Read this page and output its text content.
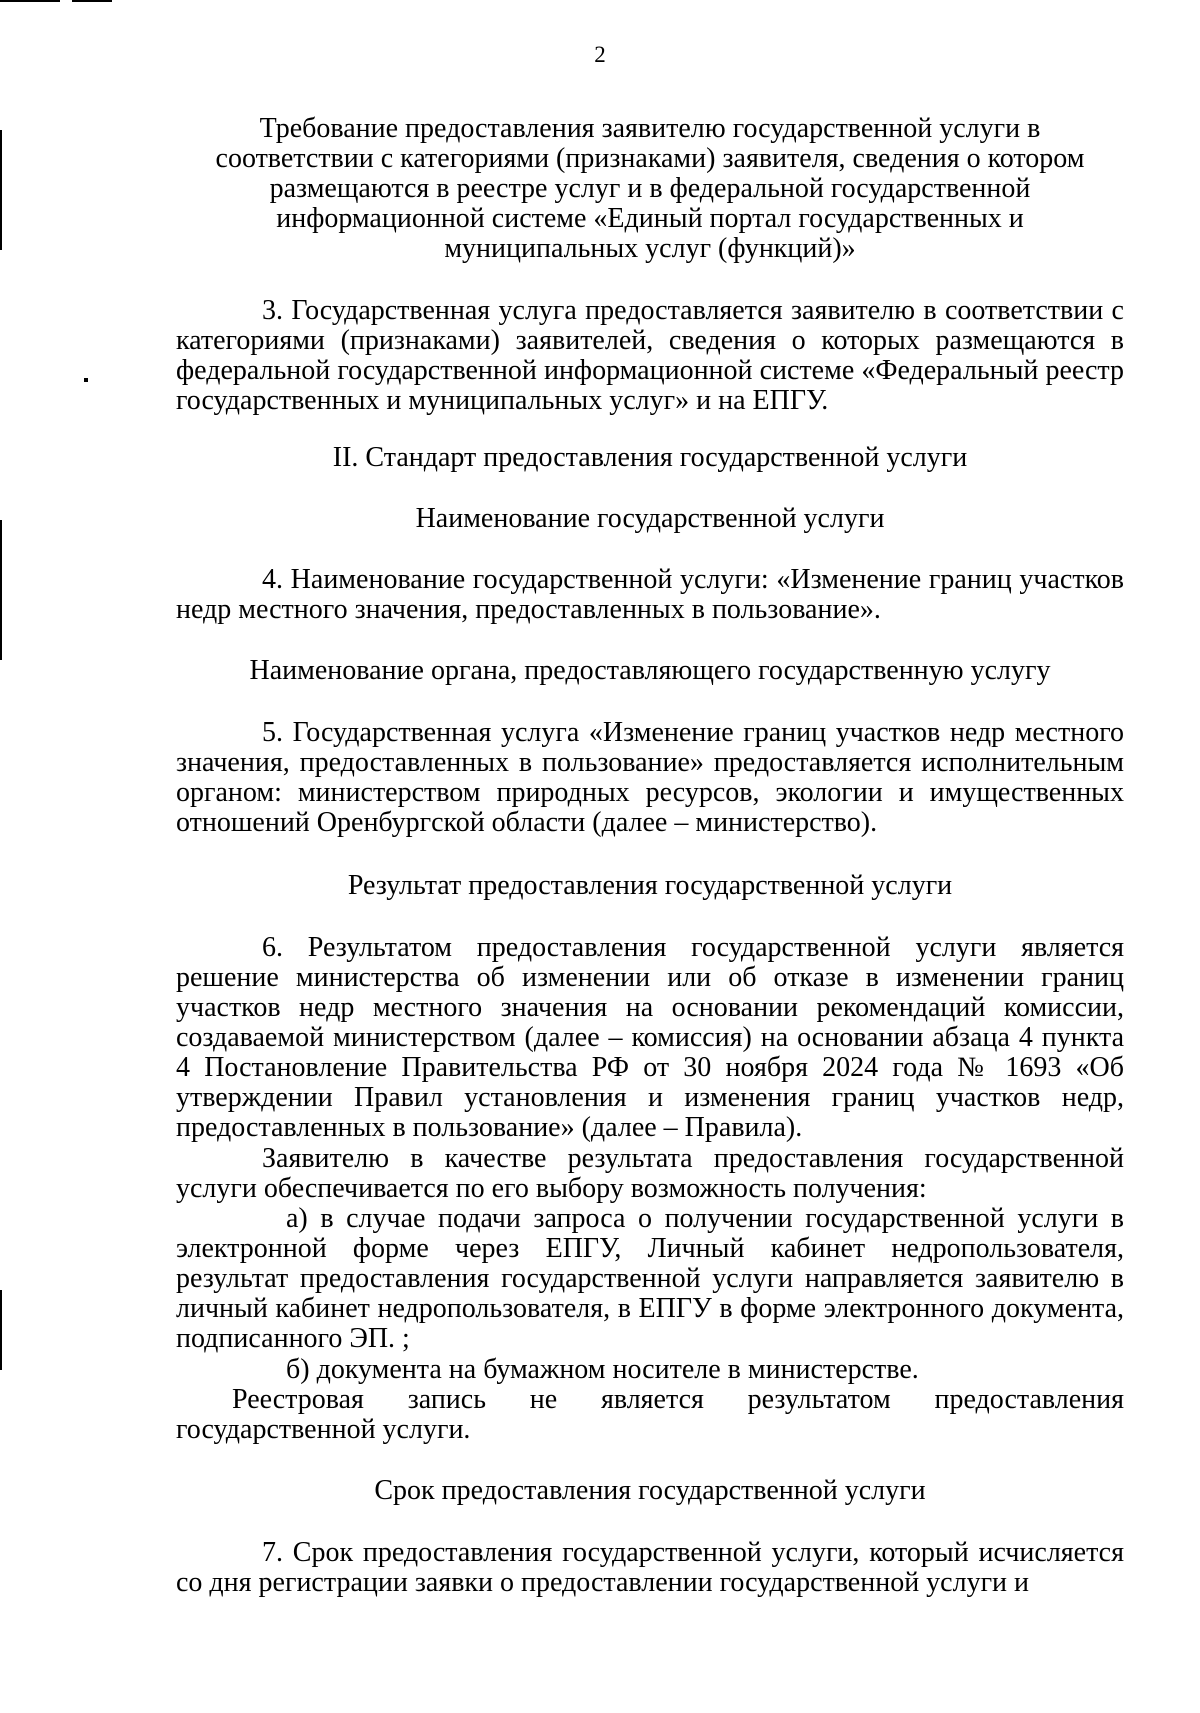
2
Требование предоставления заявителю государственной услуги в
соответствии с категориями (признаками) заявителя, сведения о котором
размещаются в реестре услуг и в федеральной государственной
информационной системе «Единый портал государственных и
муниципальных услуг (функций)»

3. Государственная услуга предоставляется заявителю в соответствии с категориями (признаками) заявителей, сведения о которых размещаются в федеральной государственной информационной системе «Федеральный реестр государственных и муниципальных услуг» и на ЕПГУ.

II. Стандарт предоставления государственной услуги
Наименование государственной услуги

4. Наименование государственной услуги: «Изменение границ участков недр местного значения, предоставленных в пользование».

Наименование органа, предоставляющего государственную услугу

5. Государственная услуга «Изменение границ участков недр местного значения, предоставленных в пользование» предоставляется исполнительным органом: министерством природных ресурсов, экологии и имущественных отношений Оренбургской области (далее – министерство).

Результат предоставления государственной услуги

6. Результатом предоставления государственной услуги является решение министерства об изменении или об отказе в изменении границ участков недр местного значения на основании рекомендаций комиссии, создаваемой министерством (далее – комиссия) на основании абзаца 4 пункта 4 Постановление Правительства РФ от 30 ноября 2024 года № 1693 «Об утверждении Правил установления и изменения границ участков недр, предоставленных в пользование» (далее – Правила).

Заявителю в качестве результата предоставления государственной услуги обеспечивается по его выбору возможность получения:

а) в случае подачи запроса о получении государственной услуги в электронной форме через ЕПГУ, Личный кабинет недропользователя, результат предоставления государственной услуги направляется заявителю в личный кабинет недропользователя, в ЕПГУ в форме электронного документа, подписанного ЭП. ;

б) документа на бумажном носителе в министерстве.

Реестровая запись не является результатом предоставления
государственной услуги.
Срок предоставления государственной услуги

7. Срок предоставления государственной услуги, который исчисляется со дня регистрации заявки о предоставлении государственной услуги и
